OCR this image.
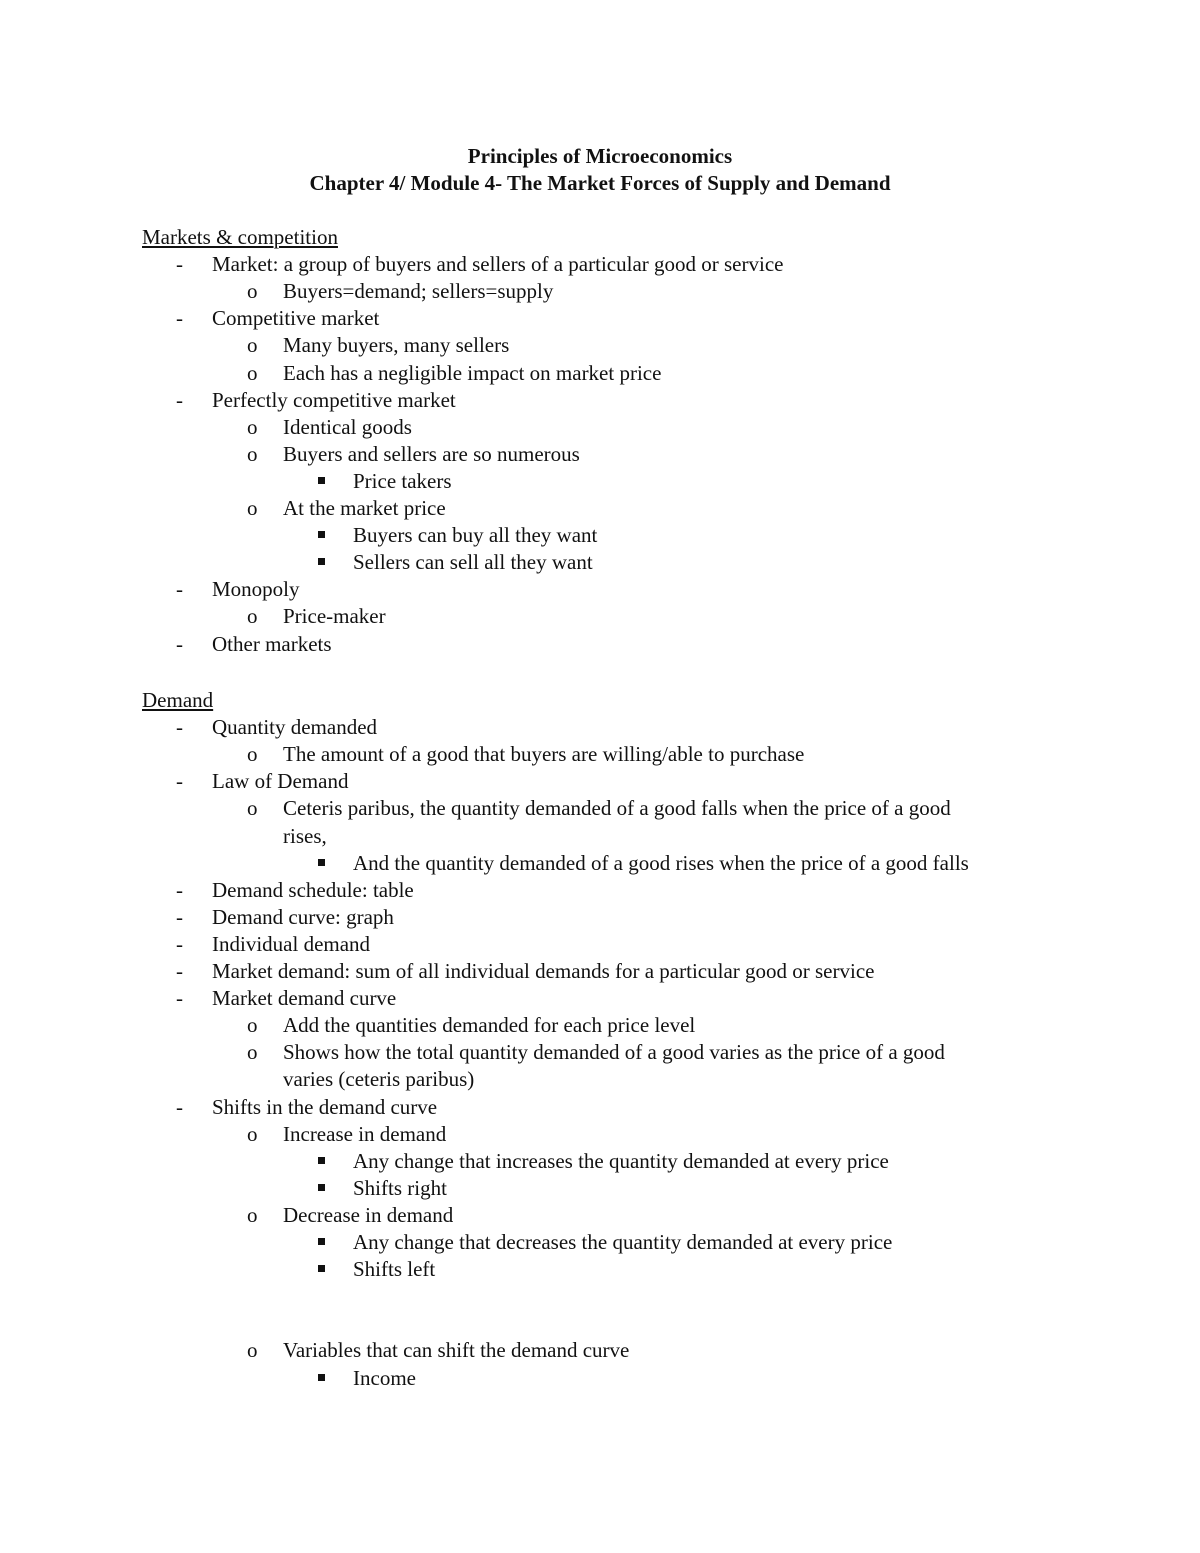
Principles of Microeconomics
Chapter 4/ Module 4- The Market Forces of Supply and Demand
Markets & competition
- Market: a group of buyers and sellers of a particular good or service
o Buyers=demand; sellers=supply
- Competitive market
o Many buyers, many sellers
o Each has a negligible impact on market price
- Perfectly competitive market
o Identical goods
o Buyers and sellers are so numerous
Price takers
o At the market price
Buyers can buy all they want
Sellers can sell all they want
- Monopoly
o Price-maker
- Other markets
Demand
- Quantity demanded
o The amount of a good that buyers are willing/able to purchase
- Law of Demand
o Ceteris paribus, the quantity demanded of a good falls when the price of a good
rises,
And the quantity demanded of a good rises when the price of a good falls
- Demand schedule: table
- Demand curve: graph
- Individual demand
- Market demand: sum of all individual demands for a particular good or service
- Market demand curve
o Add the quantities demanded for each price level
o Shows how the total quantity demanded of a good varies as the price of a good
varies (ceteris paribus)
- Shifts in the demand curve
o Increase in demand
Any change that increases the quantity demanded at every price
Shifts right
o Decrease in demand
Any change that decreases the quantity demanded at every price
Shifts left
o Variables that can shift the demand curve
Income
